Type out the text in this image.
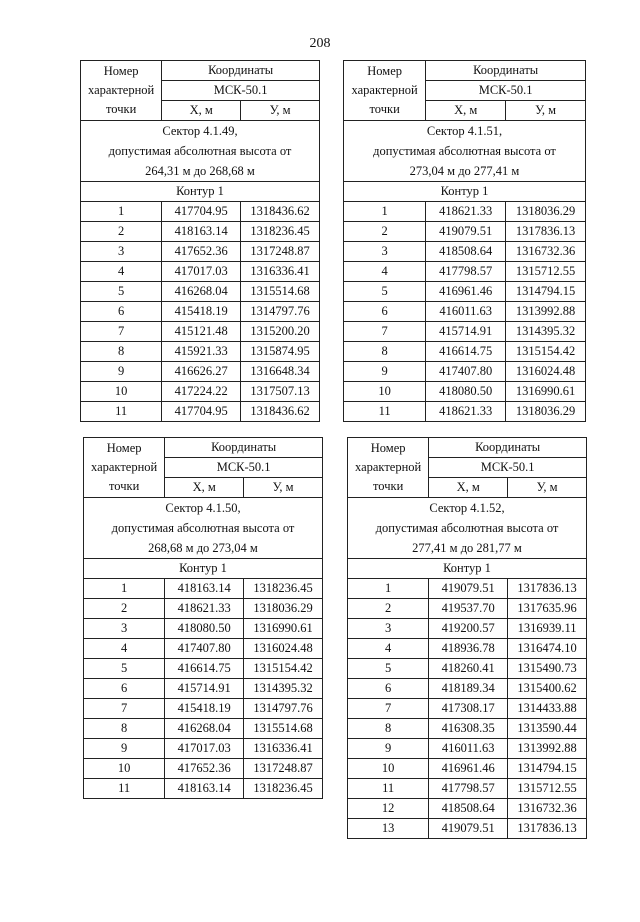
208
Номер
характерной
точки	Координаты	
	МСК-50.1	
	Х, м	У, м

Сектор 4.1.49,
допустимая абсолютная высота от
264,31 м до 268,68 м		

Контур 1		
1	417704.95	1318436.62
2	418163.14	1318236.45
3	417652.36	1317248.87
4	417017.03	1316336.41
5	416268.04	1315514.68
6	415418.19	1314797.76
7	415121.48	1315200.20
8	415921.33	1315874.95
9	416626.27	1316648.34
10	417224.22	1317507.13
11	417704.95	1318436.62
Номер
характерной
точки	Координаты	
	МСК-50.1	
	Х, м	У, м

Сектор 4.1.51,
допустимая абсолютная высота от
273,04 м до 277,41 м		

Контур 1		
1	418621.33	1318036.29
2	419079.51	1317836.13
3	418508.64	1316732.36
4	417798.57	1315712.55
5	416961.46	1314794.15
6	416011.63	1313992.88
7	415714.91	1314395.32
8	416614.75	1315154.42
9	417407.80	1316024.48
10	418080.50	1316990.61
11	418621.33	1318036.29
Номер
характерной
точки	Координаты	
	МСК-50.1	
	Х, м	У, м

Сектор 4.1.50,
допустимая абсолютная высота от
268,68 м до 273,04 м		

Контур 1		
1	418163.14	1318236.45
2	418621.33	1318036.29
3	418080.50	1316990.61
4	417407.80	1316024.48
5	416614.75	1315154.42
6	415714.91	1314395.32
7	415418.19	1314797.76
8	416268.04	1315514.68
9	417017.03	1316336.41
10	417652.36	1317248.87
11	418163.14	1318236.45
Номер
характерной
точки	Координаты	
	МСК-50.1	
	Х, м	У, м

Сектор 4.1.52,
допустимая абсолютная высота от
277,41 м до 281,77 м		

Контур 1		
1	419079.51	1317836.13
2	419537.70	1317635.96
3	419200.57	1316939.11
4	418936.78	1316474.10
5	418260.41	1315490.73
6	418189.34	1315400.62
7	417308.17	1314433.88
8	416308.35	1313590.44
9	416011.63	1313992.88
10	416961.46	1314794.15
11	417798.57	1315712.55
12	418508.64	1316732.36
13	419079.51	1317836.13
